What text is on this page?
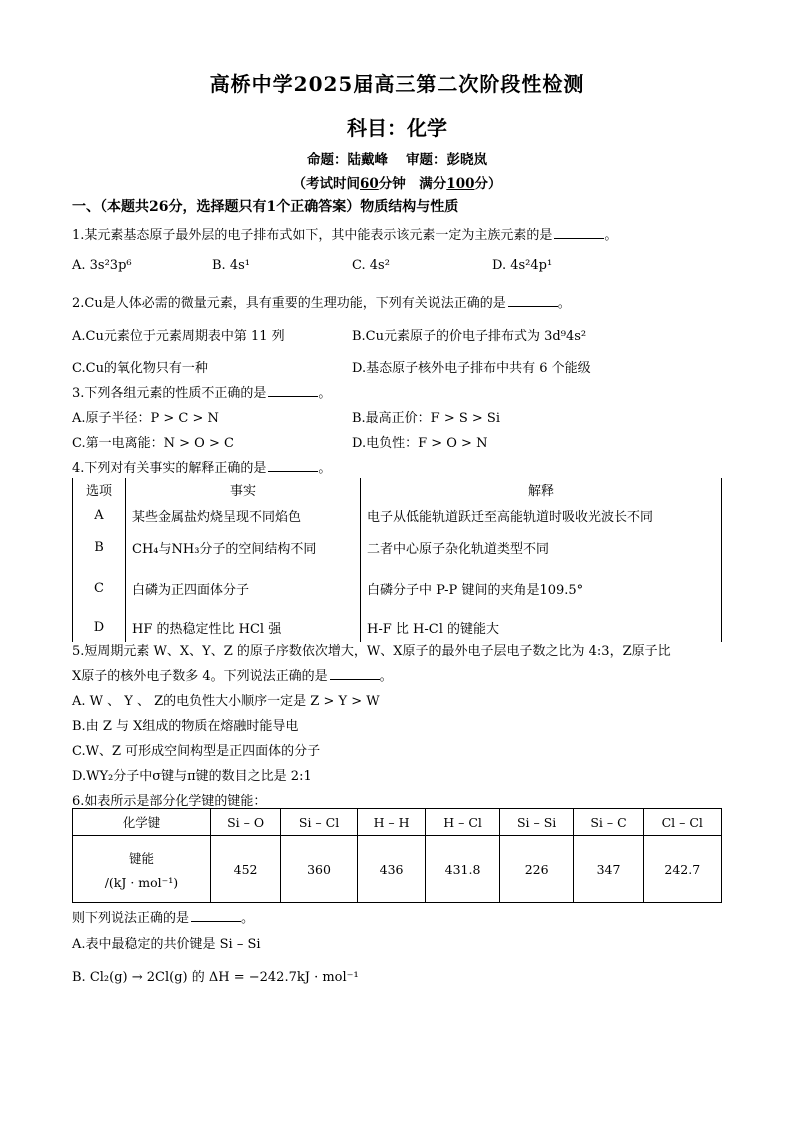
高桥中学2025届高三第二次阶段性检测
科目：化学
命题：陆戴峰 审题：彭晓岚
（考试时间60分钟　满分100分）
一、（本题共26分，选择题只有1个正确答案）物质结构与性质
1.某元素基态原子最外层的电子排布式如下，其中能表示该元素一定为主族元素的是	。
A. 3s²3p⁶	B. 4s¹	C. 4s²	D. 4s²4p¹
2.Cu是人体必需的微量元素，具有重要的生理功能，下列有关说法正确的是	。
A.Cu元素位于元素周期表中第 11 列	B.Cu元素原子的价电子排布式为 3d⁹4s²
C.Cu的氧化物只有一种	D.基态原子核外电子排布中共有 6 个能级
3.下列各组元素的性质不正确的是	。
A.原子半径：P > C > N	B.最高正价：F > S > Si
C.第一电离能：N > O > C	D.电负性：F > O > N
4.下列对有关事实的解释正确的是	。
选项	事实	解释
A	某些金属盐灼烧呈现不同焰色	电子从低能轨道跃迁至高能轨道时吸收光波长不同
B	CH₄与NH₃分子的空间结构不同	二者中心原子杂化轨道类型不同
C	白磷为正四面体分子	白磷分子中 P-P 键间的夹角是109.5°
D	HF 的热稳定性比 HCl 强	H-F 比 H-Cl 的键能大
5.短周期元素 W、X、Y、Z 的原子序数依次增大，W、X原子的最外电子层电子数之比为 4:3，Z原子比
X原子的核外电子数多 4。下列说法正确的是	。
A. W 、 Y 、 Z的电负性大小顺序一定是 Z > Y > W
B.由 Z 与 X组成的物质在熔融时能导电
C.W、Z 可形成空间构型是正四面体的分子
D.WY₂分子中σ键与π键的数目之比是 2:1
6.如表所示是部分化学键的键能：
化学键	Si – O	Si – Cl	H – H	H – Cl	Si – Si	Si – C	Cl – Cl

键能
/(kJ · mol⁻¹)	452	360	436	431.8	226	347	242.7
则下列说法正确的是	。
A.表中最稳定的共价键是 Si – Si
B. Cl₂(g) → 2Cl(g) 的 ΔH = −242.7kJ · mol⁻¹
